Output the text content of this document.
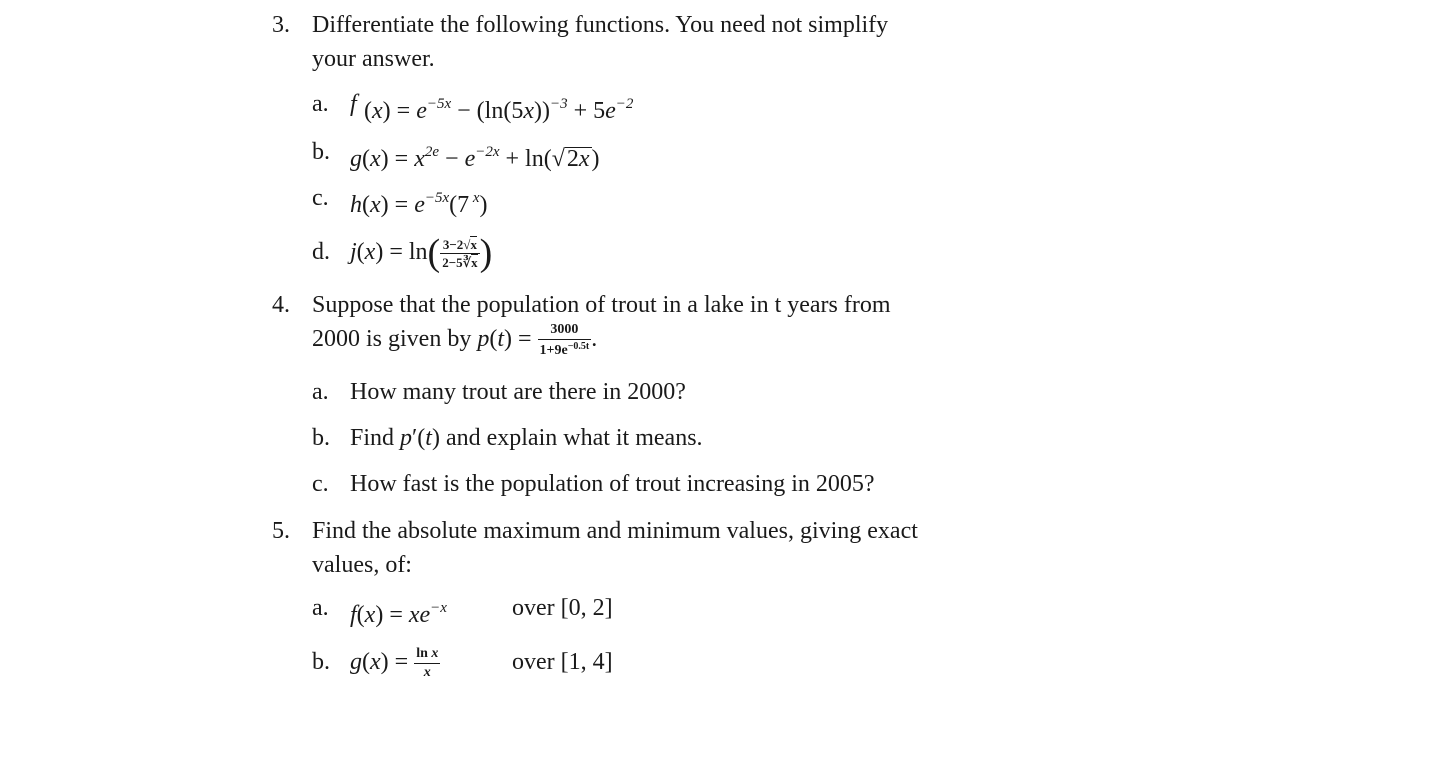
3. Differentiate the following functions. You need not simplify
your answer.
a. f $(x) = e^{-5x} - (\ln(5x))^{-3} + 5e^{-2}$
b. $g(x) = x^{2e} - e^{-2x} + \ln(√2x)$
c. $h(x) = e^{-5x}(7$ $^x$)
d. $j(x) = \ln( \frac{3-2√x}{2-5∛x}$ )
4. Suppose that the population of trout in a lake in t years from
2000 is given by $p(t) = \frac{3000}{1+9e^{-0.5t}}$ .
a. How many trout are there in 2000?
b. Find p′(t) and explain what it means.
c. How fast is the population of trout increasing in 2005?
5. Find the absolute maximum and minimum values, giving exact
values, of:
a. $f(x) = xe^{-x}$	over [0, 2]
b. $g(x) = \frac{\text{ln x}}{x}$	over [1, 4]
